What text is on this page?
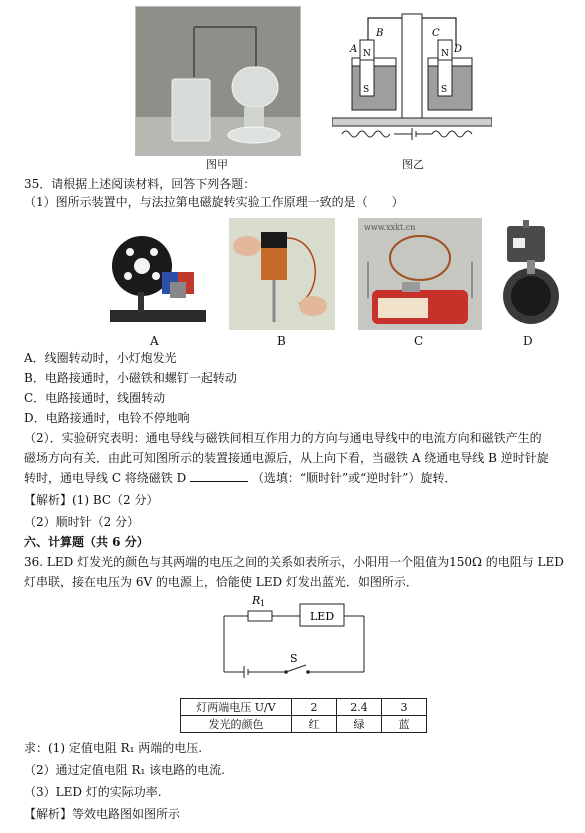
图甲
A
B	C
D
N
S
N
S
图乙
35．请根据上述阅读材料，回答下列各题：
（1）图所示装置中，与法拉第电磁旋转实验工作原理一致的是（　　）
www.xxkt.cn
A	B	C	D
A．线圈转动时，小灯炮发光
B．电路接通时，小磁铁和螺钉一起转动
C．电路接通时，线圈转动
D．电路接通时，电铃不停地响
（2）．实验研究表明：通电导线与磁铁间相互作用力的方向与通电导线中的电流方向和磁铁产生的
磁场方向有关．由此可知图所示的装置接通电源后，从上向下看，当磁铁 A 绕通电导线 B 逆时针旋
转时，通电导线 C 将绕磁铁 D	（选填：“顺时针”或“逆时针”）旋转．
【解析】(1) BC（2 分）
（2）顺时针（2 分）
六、计算题（共 6 分）
36. LED 灯发光的颜色与其两端的电压之间的关系如表所示，小阳用一个阻值为150Ω 的电阻与 LED
灯串联，接在电压为 6V 的电源上，恰能使 LED 灯发出蓝光．如图所示．
R 1
LED
S
灯两端电压 U/V	2	2.4	3
发光的颜色	红	绿	蓝
求：(1) 定值电阻 R₁ 两端的电压.
（2）通过定值电阻 R₁ 该电路的电流.
（3）LED 灯的实际功率.
【解析】等效电路图如图所示
